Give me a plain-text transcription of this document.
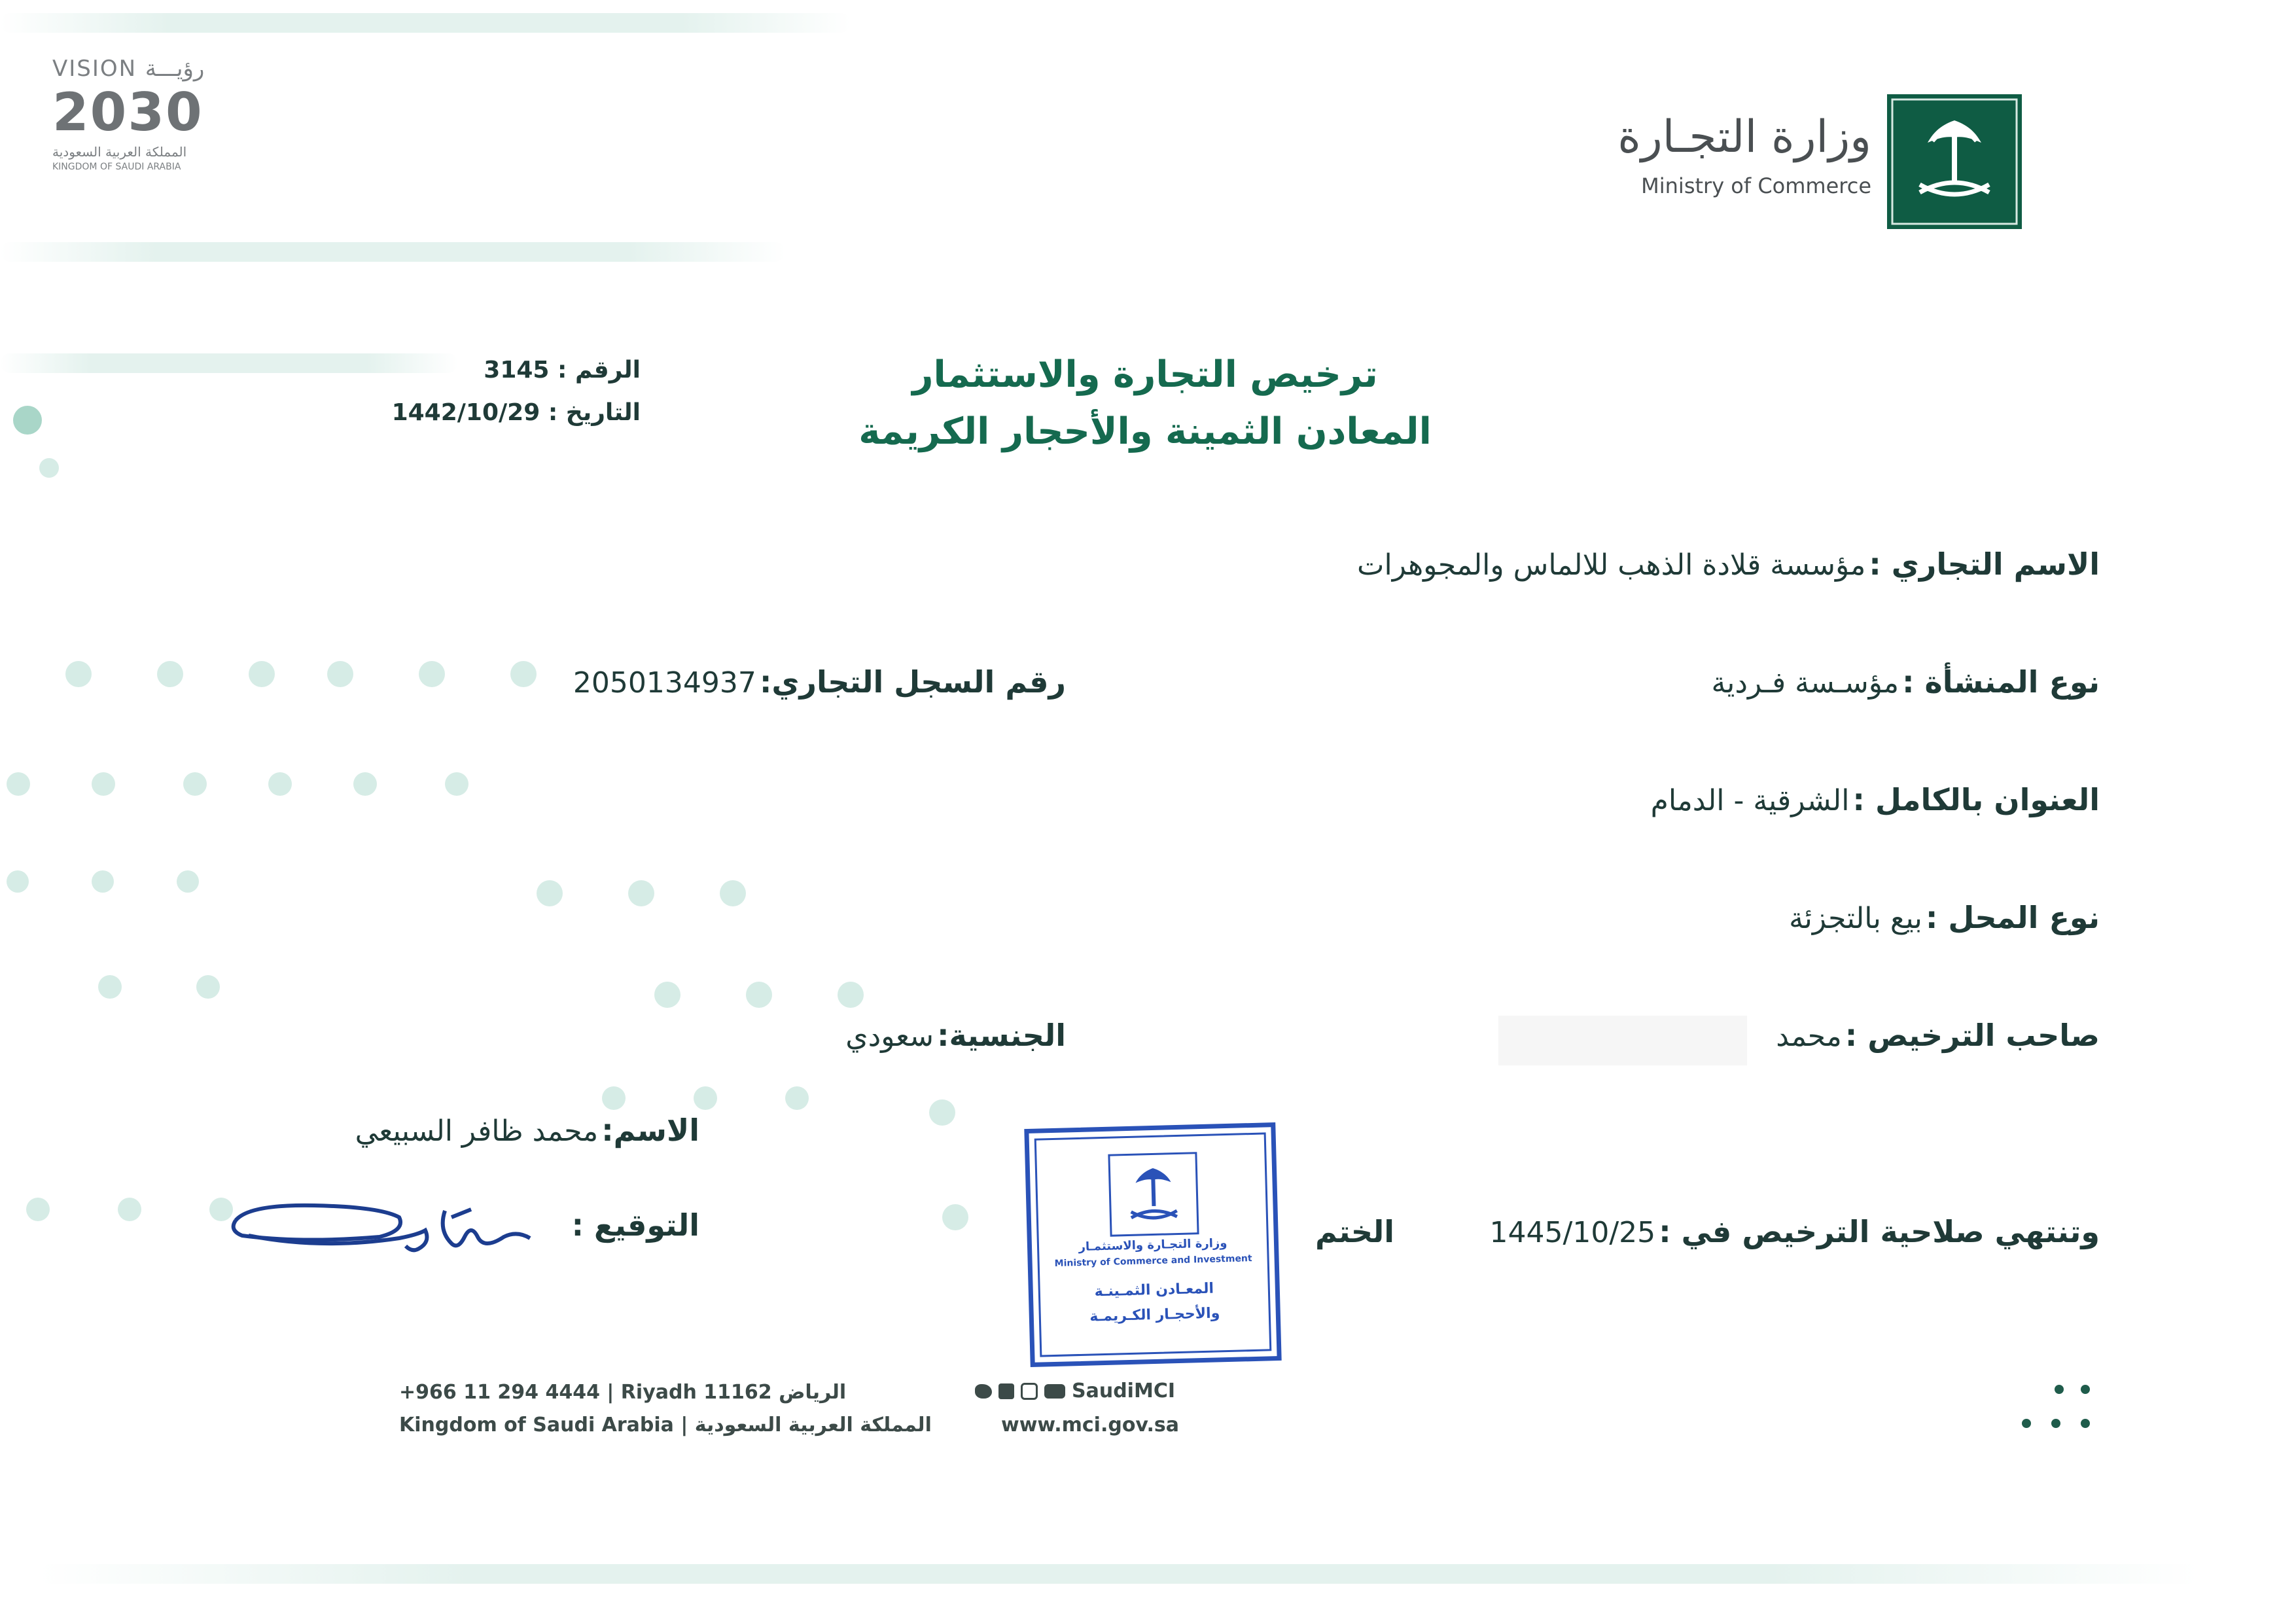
VISION رؤيـــة
2030
المملكة العربية السعودية
KINGDOM OF SAUDI ARABIA
وزارة التجـارة
Ministry of Commerce
ترخيص التجارة والاستثمار
المعادن الثمينة والأحجار الكريمة
الرقم : 3145
التاريخ : 1442/10/29
الاسم التجاري : مؤسسة قلادة الذهب للالماس والمجوهرات
نوع المنشأة : مؤسـسة فـردية
رقم السجل التجاري: 2050134937
العنوان بالكامل : الشرقية - الدمام
نوع المحل : بيع بالتجزئة
صاحب الترخيص : محمد
الجنسية: سعودي
الاسم: محمد ظافر السبيعي
التوقيع :	وتنتهي صلاحية الترخيص في : 1445/10/25
الختم
وزارة التجـارة والاستثمـار
Ministry of Commerce and Investment
المعـادن الثمـينـة
والأحجـار الكـريمـة
+966 11 294 4444 | Riyadh 11162 الرياض
Kingdom of Saudi Arabia | المملكة العربية السعودية
SaudiMCI
www.mci.gov.sa
